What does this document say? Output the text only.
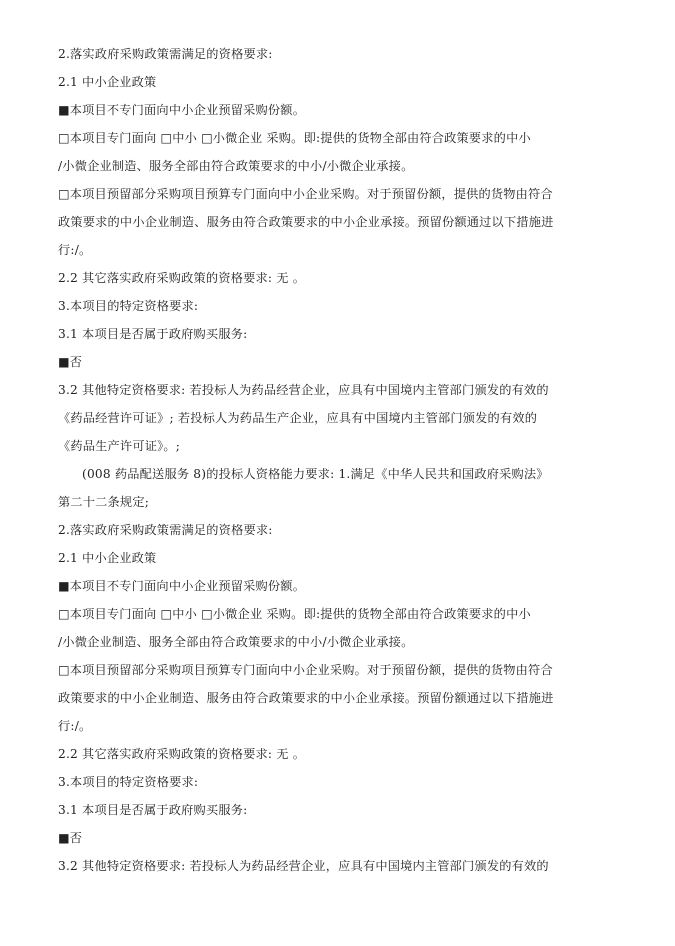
2.落实政府采购政策需满足的资格要求:
2.1 中小企业政策
■本项目不专门面向中小企业预留采购份额。
□本项目专门面向 □中小 □小微企业 采购。即:提供的货物全部由符合政策要求的中小
/小微企业制造、服务全部由符合政策要求的中小/小微企业承接。
□本项目预留部分采购项目预算专门面向中小企业采购。对于预留份额，提供的货物由符合
政策要求的中小企业制造、服务由符合政策要求的中小企业承接。预留份额通过以下措施进
行:/。
2.2 其它落实政府采购政策的资格要求: 无 。
3.本项目的特定资格要求:
3.1 本项目是否属于政府购买服务:
■否
3.2 其他特定资格要求: 若投标人为药品经营企业，应具有中国境内主管部门颁发的有效的
《药品经营许可证》; 若投标人为药品生产企业，应具有中国境内主管部门颁发的有效的
《药品生产许可证》。;
(008 药品配送服务 8)的投标人资格能力要求: 1.满足《中华人民共和国政府采购法》
第二十二条规定;
2.落实政府采购政策需满足的资格要求:
2.1 中小企业政策
■本项目不专门面向中小企业预留采购份额。
□本项目专门面向 □中小 □小微企业 采购。即:提供的货物全部由符合政策要求的中小
/小微企业制造、服务全部由符合政策要求的中小/小微企业承接。
□本项目预留部分采购项目预算专门面向中小企业采购。对于预留份额，提供的货物由符合
政策要求的中小企业制造、服务由符合政策要求的中小企业承接。预留份额通过以下措施进
行:/。
2.2 其它落实政府采购政策的资格要求: 无 。
3.本项目的特定资格要求:
3.1 本项目是否属于政府购买服务:
■否
3.2 其他特定资格要求: 若投标人为药品经营企业，应具有中国境内主管部门颁发的有效的
